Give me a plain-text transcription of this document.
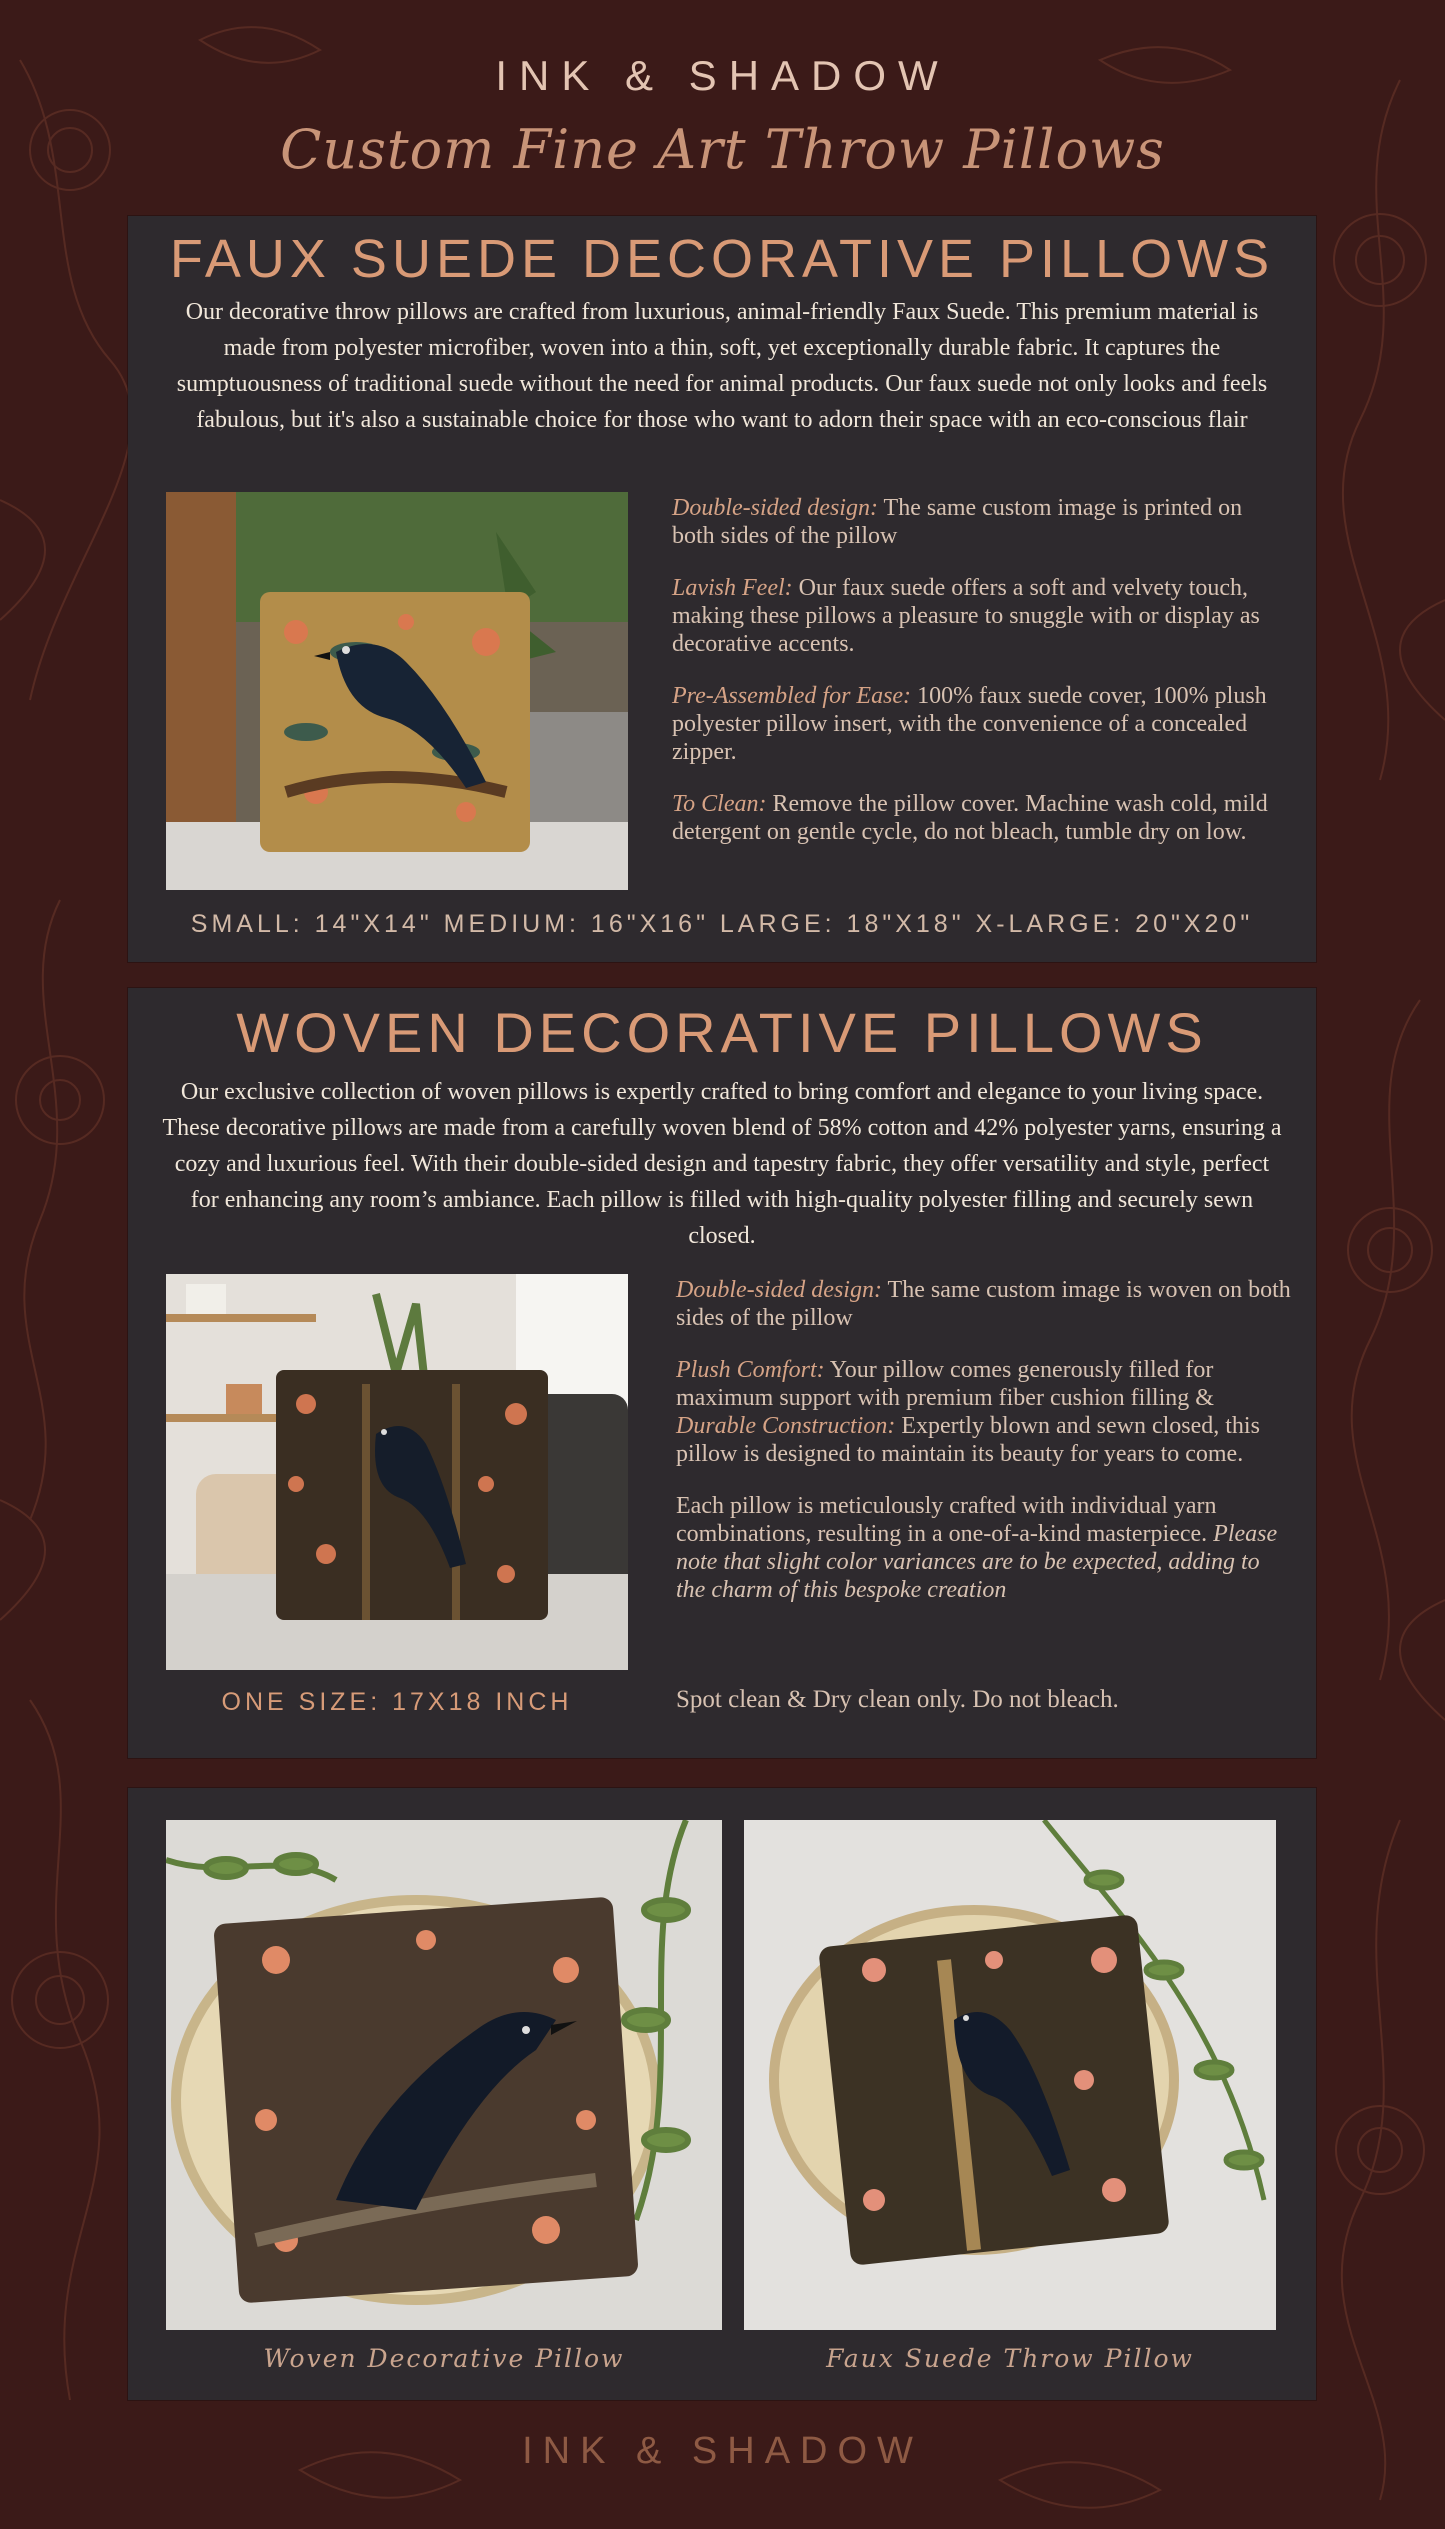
INK & SHADOW
Custom Fine Art Throw Pillows
FAUX SUEDE DECORATIVE PILLOWS

Our decorative throw pillows are crafted from luxurious, animal-friendly Faux Suede. This premium material is made from polyester microfiber, woven into a thin, soft, yet exceptionally durable fabric. It captures the sumptuousness of traditional suede without the need for animal products. Our faux suede not only looks and feels fabulous, but it's also a sustainable choice for those who want to adorn their space with an eco-conscious flair

Double-sided design: The same custom image is printed on both sides of the pillow

Lavish Feel: Our faux suede offers a soft and velvety touch, making these pillows a pleasure to snuggle with or display as decorative accents.

Pre-Assembled for Ease: 100% faux suede cover, 100% plush polyester pillow insert, with the convenience of a concealed zipper.

To Clean: Remove the pillow cover. Machine wash cold, mild detergent on gentle cycle, do not bleach, tumble dry on low.

SMALL: 14"X14" MEDIUM: 16"X16" LARGE: 18"X18" X-LARGE: 20"X20"
WOVEN DECORATIVE PILLOWS

Our exclusive collection of woven pillows is expertly crafted to bring comfort and elegance to your living space. These decorative pillows are made from a carefully woven blend of 58% cotton and 42% polyester yarns, ensuring a cozy and luxurious feel. With their double-sided design and tapestry fabric, they offer versatility and style, perfect for enhancing any room’s ambiance. Each pillow is filled with high-quality polyester filling and securely sewn closed.

Double-sided design: The same custom image is woven on both sides of the pillow

Plush Comfort: Your pillow comes generously filled for maximum support with premium fiber cushion filling & Durable Construction: Expertly blown and sewn closed, this pillow is designed to maintain its beauty for years to come.

Each pillow is meticulously crafted with individual yarn combinations, resulting in a one-of-a-kind masterpiece. Please note that slight color variances are to be expected, adding to the charm of this bespoke creation

ONE SIZE: 17X18 INCH	Spot clean & Dry clean only. Do not bleach.
Woven Decorative Pillow	Faux Suede Throw Pillow
INK & SHADOW
